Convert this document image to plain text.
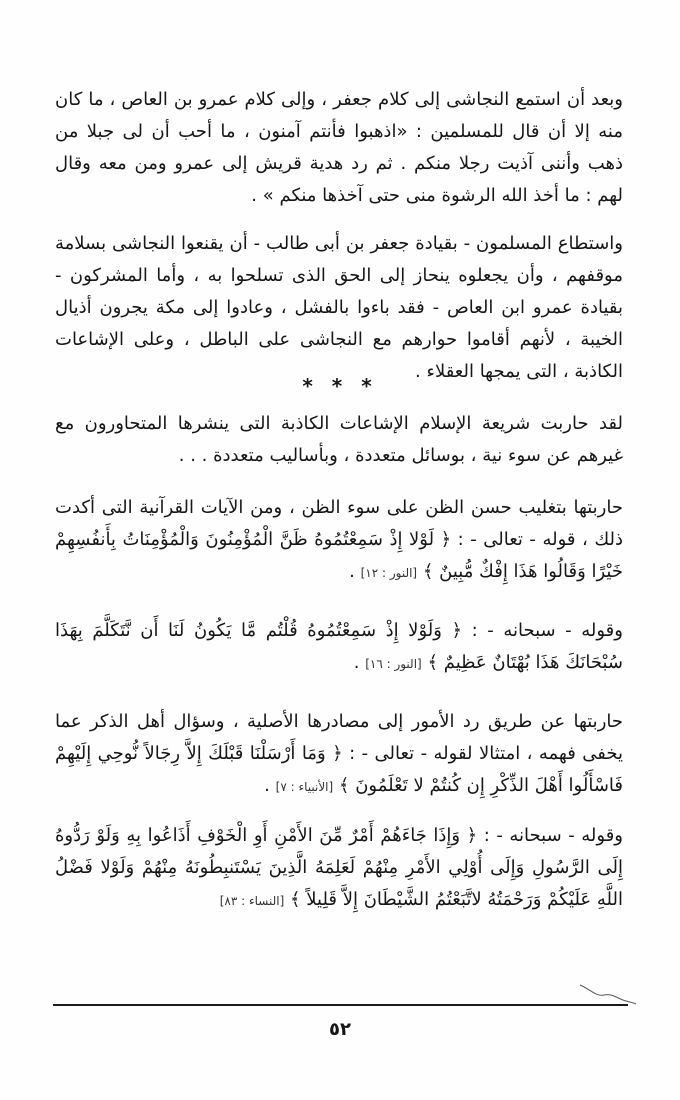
وبعد أن استمع النجاشى إلى كلام جعفر ، وإلى كلام عمرو بن العاص ، ما كان منه إلا أن قال للمسلمين : «اذهبوا فأنتم آمنون ، ما أحب أن لى جبلا من ذهب وأننى آذيت رجلا منكم . ثم رد هدية قريش إلى عمرو ومن معه وقال لهم : ما أخذ الله الرشوة منى حتى آخذها منكم » .

واستطاع المسلمون - بقيادة جعفر بن أبى طالب - أن يقنعوا النجاشى بسلامة موقفهم ، وأن يجعلوه ينحاز إلى الحق الذى تسلحوا به ، وأما المشركون - بقيادة عمرو ابن العاص - فقد باءوا بالفشل ، وعادوا إلى مكة يجرون أذيال الخيبة ، لأنهم أقاموا حوارهم مع النجاشى على الباطل ، وعلى الإشاعات الكاذبة ، التى يمجها العقلاء .

* * *

لقد حاربت شريعة الإسلام الإشاعات الكاذبة التى ينشرها المتحاورون مع غيرهم عن سوء نية ، بوسائل متعددة ، وبأساليب متعددة . . .

حاربتها بتغليب حسن الظن على سوء الظن ، ومن الآيات القرآنية التى أكدت ذلك ، قوله - تعالى - : ﴿ لَوْلا إِذْ سَمِعْتُمُوهُ ظَنَّ الْمُؤْمِنُونَ وَالْمُؤْمِنَاتُ بِأَنفُسِهِمْ خَيْرًا وَقَالُوا هَذَا إِفْكٌ مُّبِينٌ ﴾ [النور : ١٢] .

وقوله - سبحانه - : ﴿ وَلَوْلا إِذْ سَمِعْتُمُوهُ قُلْتُم مَّا يَكُونُ لَنَا أَن نَّتَكَلَّمَ بِهَذَا سُبْحَانَكَ هَذَا بُهْتَانٌ عَظِيمٌ ﴾ [النور : ١٦] .

حاربتها عن طريق رد الأمور إلى مصادرها الأصلية ، وسؤال أهل الذكر عما يخفى فهمه ، امتثالا لقوله - تعالى - : ﴿ وَمَا أَرْسَلْنَا قَبْلَكَ إِلاَّ رِجَالاً نُّوحِي إِلَيْهِمْ فَاسْأَلُوا أَهْلَ الذِّكْرِ إِن كُنتُمْ لا تَعْلَمُونَ ﴾ [الأنبياء : ٧] .

وقوله - سبحانه - : ﴿ وَإِذَا جَاءَهُمْ أَمْرٌ مِّنَ الأَمْنِ أَوِ الْخَوْفِ أَذَاعُوا بِهِ وَلَوْ رَدُّوهُ إِلَى الرَّسُولِ وَإِلَى أُوْلِي الأَمْرِ مِنْهُمْ لَعَلِمَهُ الَّذِينَ يَسْتَنبِطُونَهُ مِنْهُمْ وَلَوْلا فَضْلُ اللَّهِ عَلَيْكُمْ وَرَحْمَتُهُ لاتَّبَعْتُمُ الشَّيْطَانَ إِلاَّ قَلِيلاً ﴾ [النساء : ٨٣]

٥٢
